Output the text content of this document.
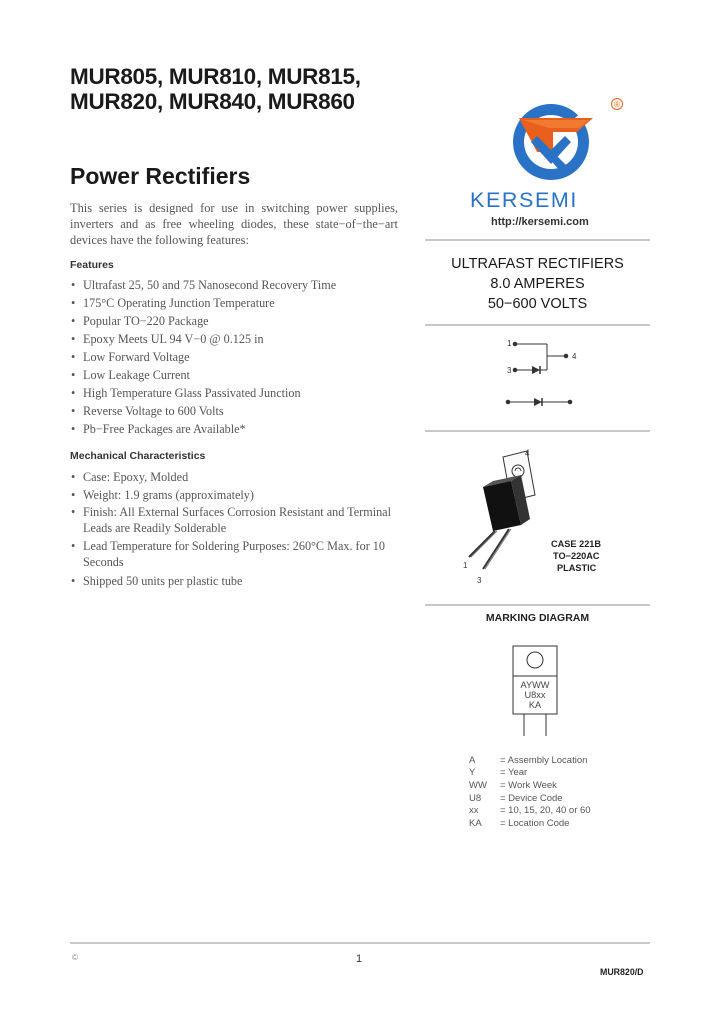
MUR805, MUR810, MUR815,
MUR820, MUR840, MUR860
Power Rectifiers
This series is designed for use in switching power supplies, inverters and as free wheeling diodes, these state−of−the−art devices have the following features:
Features
• Ultrafast 25, 50 and 75 Nanosecond Recovery Time
• 175°C Operating Junction Temperature
• Popular TO−220 Package
• Epoxy Meets UL 94 V−0 @ 0.125 in
• Low Forward Voltage
• Low Leakage Current
• High Temperature Glass Passivated Junction
• Reverse Voltage to 600 Volts
• Pb−Free Packages are Available*
Mechanical Characteristics
• Case: Epoxy, Molded
• Weight: 1.9 grams (approximately)
• Finish: All External Surfaces Corrosion Resistant and Terminal Leads are Readily Solderable
• Lead Temperature for Soldering Purposes: 260°C Max. for 10 Seconds
• Shipped 50 units per plastic tube
®
KERSEMI
http://kersemi.com
ULTRAFAST RECTIFIERS
8.0 AMPERES
50−600 VOLTS
1
3
4
4
1
3
CASE 221B
TO−220AC
PLASTIC
MARKING DIAGRAM
AYWW
U8xx
KA
A	= Assembly Location
Y	= Year
WW = Work Week
U8 = Device Code
xx = 10, 15, 20, 40 or 60
KA = Location Code
©	1
MUR820/D
